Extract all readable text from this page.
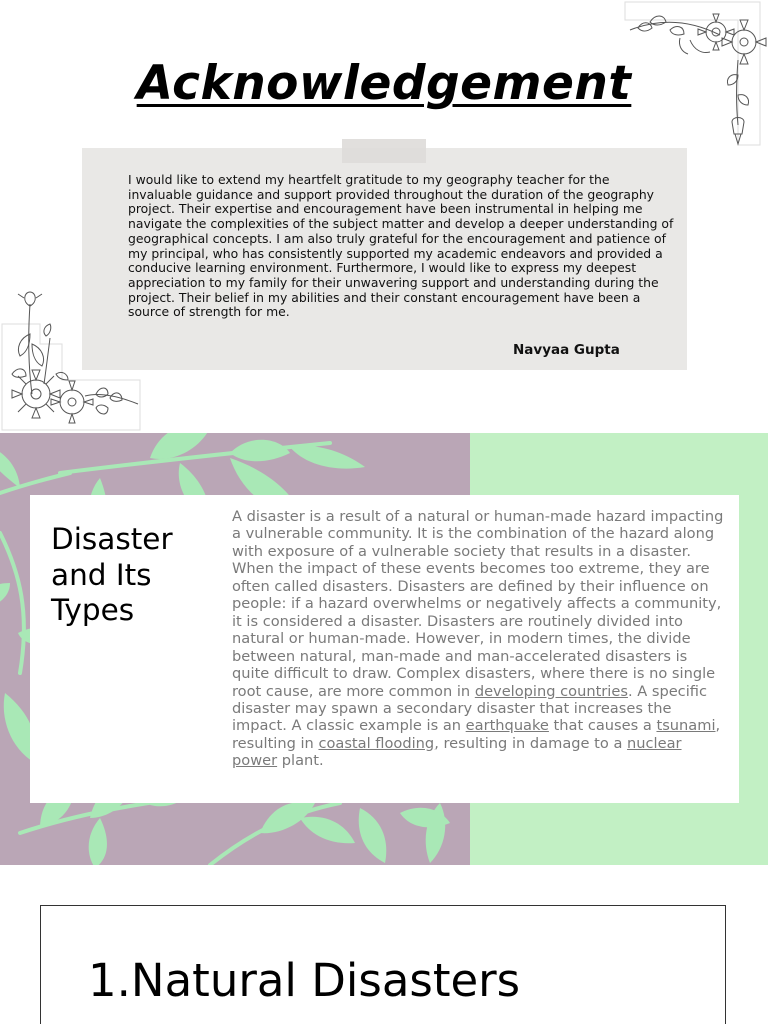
Acknowledgement

I would like to extend my heartfelt gratitude to my geography teacher for the invaluable guidance and support provided throughout the duration of the geography project. Their expertise and encouragement have been instrumental in helping me navigate the complexities of the subject matter and develop a deeper understanding of geographical concepts. I am also truly grateful for the encouragement and patience of my principal, who has consistently supported my academic endeavors and provided a conducive learning environment. Furthermore, I would like to express my deepest appreciation to my family for their unwavering support and understanding during the project. Their belief in my abilities and their constant encouragement have been a source of strength for me.

Navyaa Gupta
Disaster and Its Types

A disaster is a result of a natural or human-made hazard impacting a vulnerable community. It is the combination of the hazard along with exposure of a vulnerable society that results in a disaster. When the impact of these events becomes too extreme, they are often called disasters. Disasters are defined by their influence on people: if a hazard overwhelms or negatively affects a community, it is considered a disaster. Disasters are routinely divided into natural or human-made. However, in modern times, the divide between natural, man-made and man-accelerated disasters is quite difficult to draw. Complex disasters, where there is no single root cause, are more common in developing countries. A specific disaster may spawn a secondary disaster that increases the impact. A classic example is an earthquake that causes a tsunami, resulting in coastal flooding, resulting in damage to a nuclear power plant.

1.Natural Disasters
